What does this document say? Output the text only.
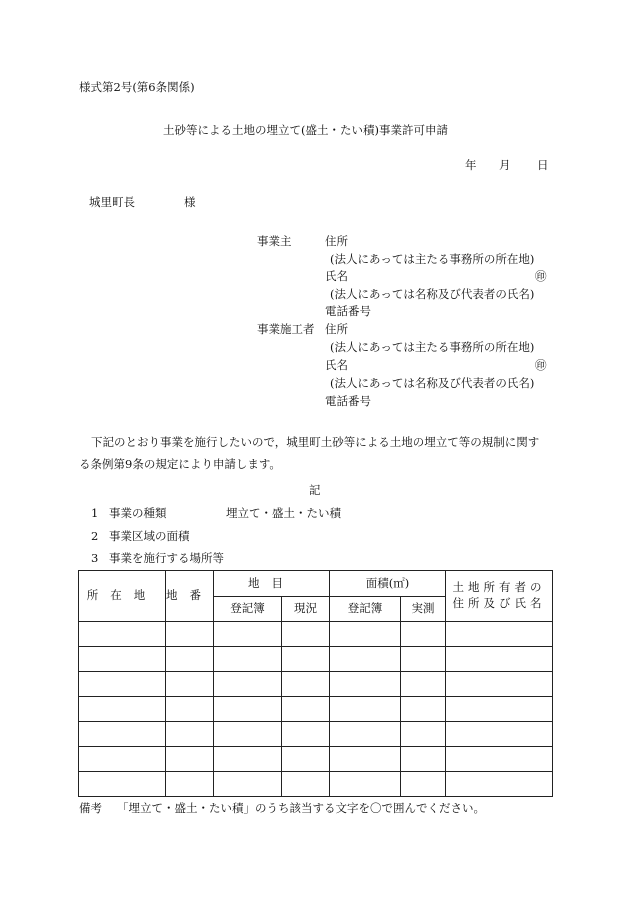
様式第2号(第6条関係)
土砂等による土地の埋立て(盛土・たい積)事業許可申請
年 月 日
城里町長	様
事業主	住所
(法人にあっては主たる事務所の所在地)
氏名	㊞
(法人にあっては名称及び代表者の氏名)
電話番号
事業施工者 住所
(法人にあっては主たる事務所の所在地)
氏名	㊞
(法人にあっては名称及び代表者の氏名)
電話番号
下記のとおり事業を施行したいので，城里町土砂等による土地の埋立て等の規制に関す
る条例第9条の規定により申請します。
記
1 事業の種類	埋立て・盛土・たい積
2 事業区域の面積
3 事業を施行する場所等
所在地	地番	地目		面積(㎡)		土地所有者の
住所及び氏名

		登記簿	現況	登記簿	実測	

備考 「埋立て・盛土・たい積」のうち該当する文字を〇で囲んでください。
